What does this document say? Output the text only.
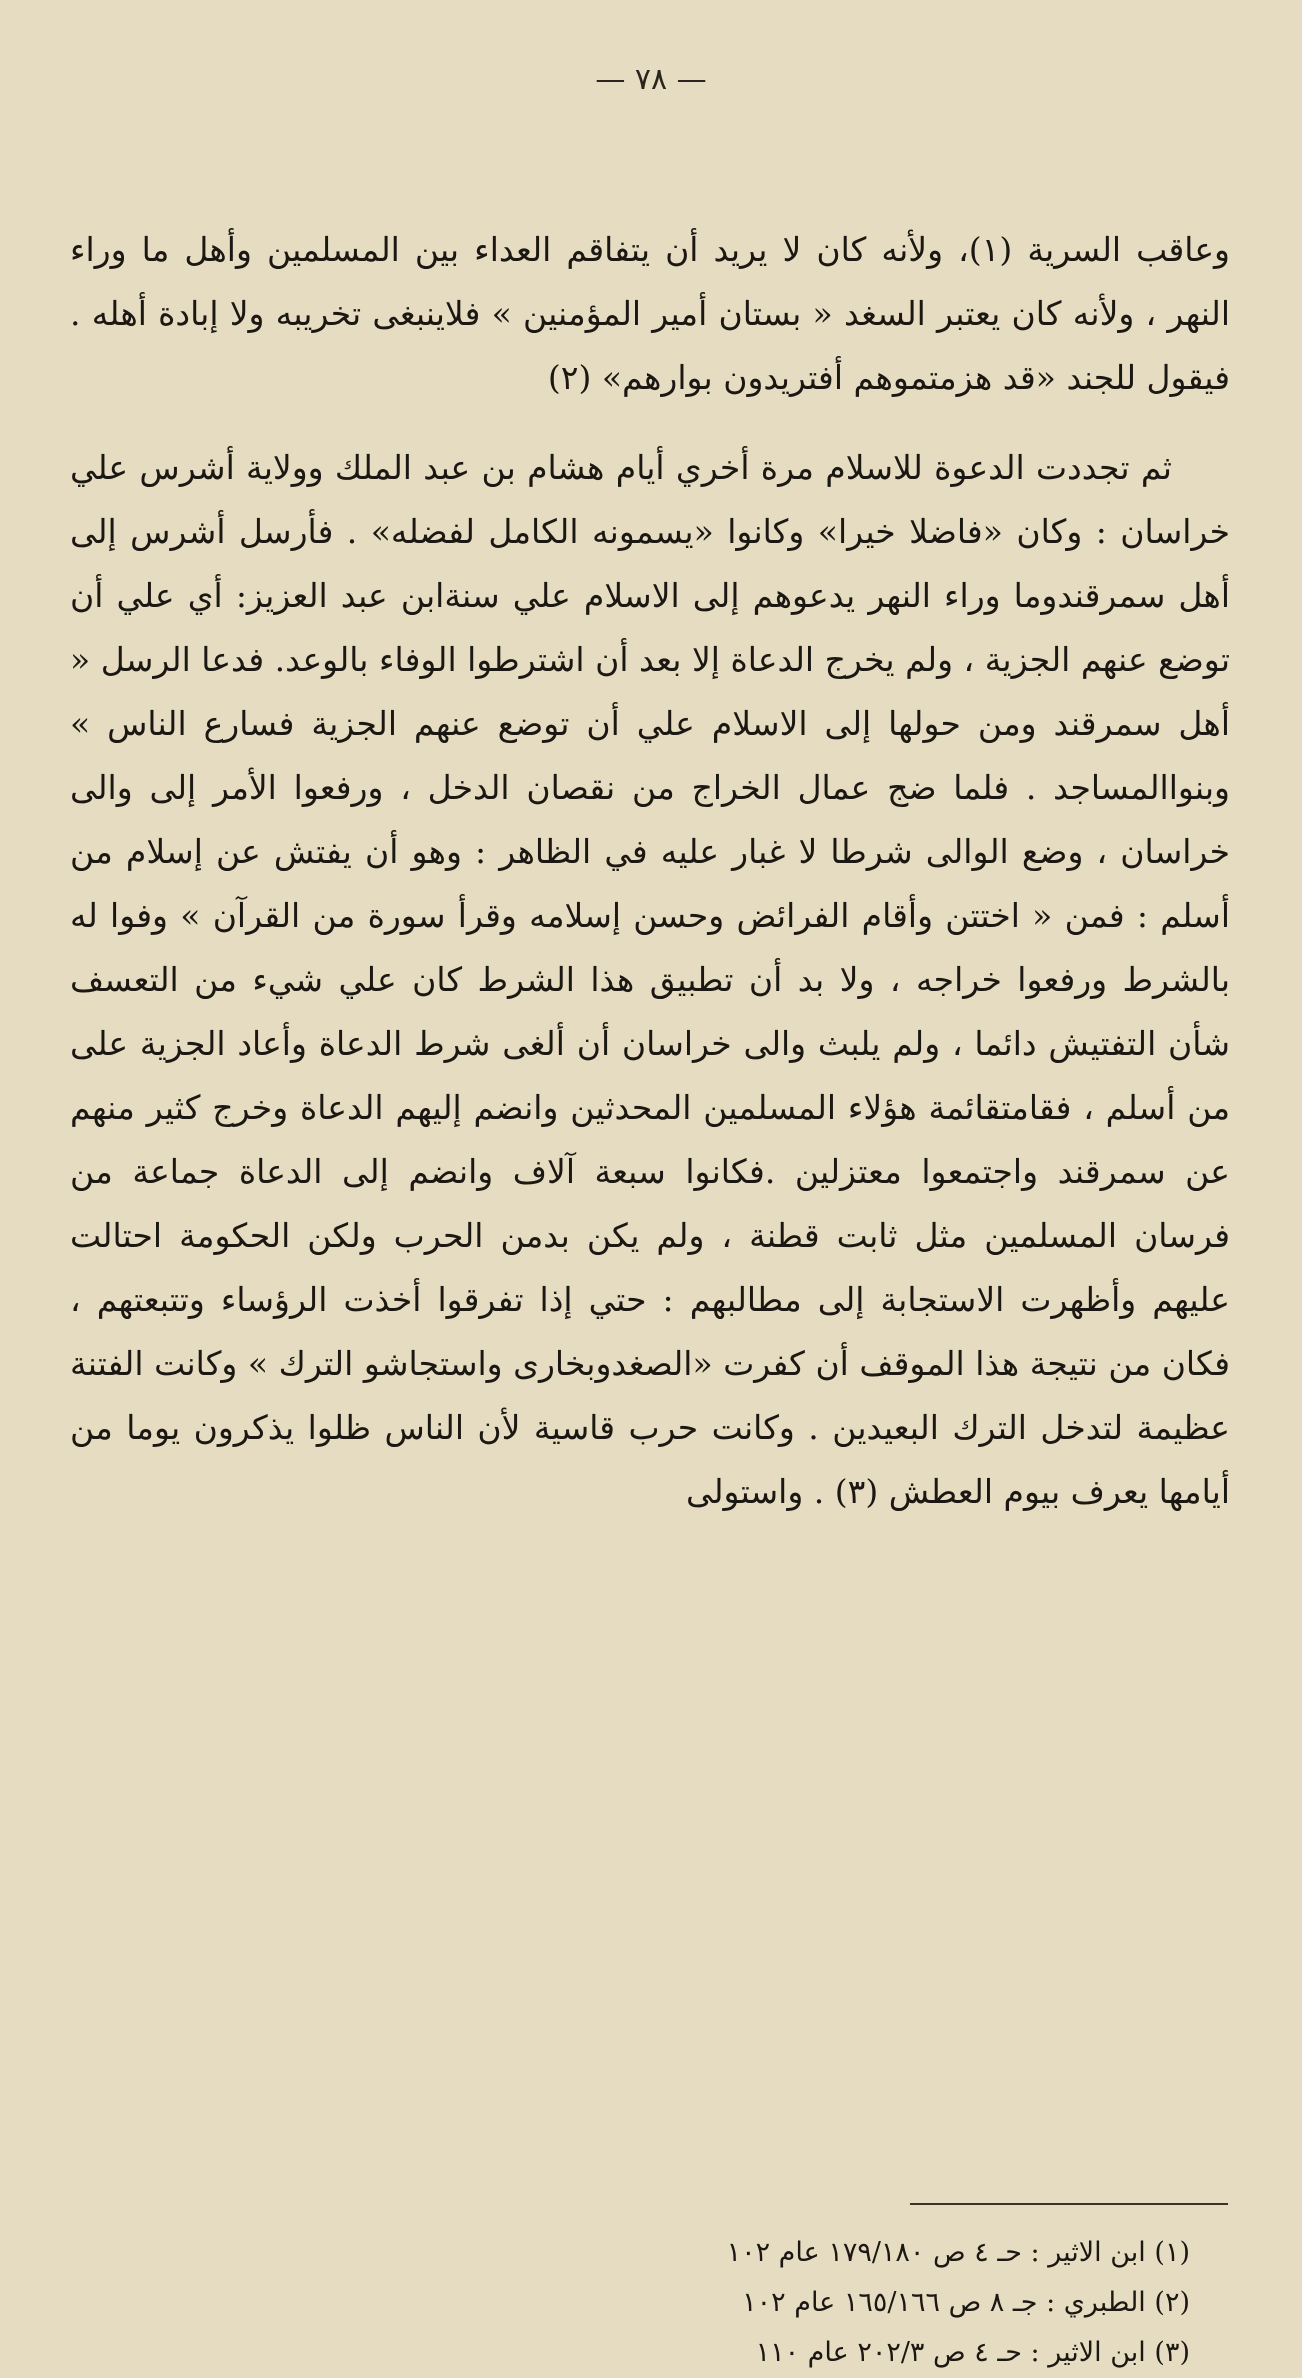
— ٧٨ —

وعاقب السرية (١)، ولأنه كان لا يريد أن يتفاقم العداء بين المسلمين وأهل ما وراء النهر ، ولأنه كان يعتبر السغد « بستان أمير المؤمنين » فلاينبغى تخريبه ولا إبادة أهله . فيقول للجند «قد هزمتموهم أفتريدون بوارهم» (٢)

ثم تجددت الدعوة للاسلام مرة أخري أيام هشام بن عبد الملك وولاية أشرس علي خراسان : وكان «فاضلا خيرا» وكانوا «يسمونه الكامل لفضله» . فأرسل أشرس إلى أهل سمرقندوما وراء النهر يدعوهم إلى الاسلام علي سنةابن عبد العزيز: أي علي أن توضع عنهم الجزية ، ولم يخرج الدعاة إلا بعد أن اشترطوا الوفاء بالوعد. فدعا الرسل « أهل سمرقند ومن حولها إلى الاسلام علي أن توضع عنهم الجزية فسارع الناس » وبنواالمساجد . فلما ضج عمال الخراج من نقصان الدخل ، ورفعوا الأمر إلى والى خراسان ، وضع الوالى شرطا لا غبار عليه في الظاهر : وهو أن يفتش عن إسلام من أسلم : فمن « اختتن وأقام الفرائض وحسن إسلامه وقرأ سورة من القرآن » وفوا له بالشرط ورفعوا خراجه ، ولا بد أن تطبيق هذا الشرط كان علي شيء من التعسف شأن التفتيش دائما ، ولم يلبث والى خراسان أن ألغى شرط الدعاة وأعاد الجزية على من أسلم ، فقامتقائمة هؤلاء المسلمين المحدثين وانضم إليهم الدعاة وخرج كثير منهم عن سمرقند واجتمعوا معتزلين .فكانوا سبعة آلاف وانضم إلى الدعاة جماعة من فرسان المسلمين مثل ثابت قطنة ، ولم يكن بدمن الحرب ولكن الحكومة احتالت عليهم وأظهرت الاستجابة إلى مطالبهم : حتي إذا تفرقوا أخذت الرؤساء وتتبعتهم ، فكان من نتيجة هذا الموقف أن كفرت «الصغدوبخارى واستجاشو الترك » وكانت الفتنة عظيمة لتدخل الترك البعيدين . وكانت حرب قاسية لأن الناس ظلوا يذكرون يوما من أيامها يعرف بيوم العطش (٣) . واستولى

(١) ابن الاثير : حـ ٤ ص ١٧٩/١٨٠ عام ١٠٢

(٢) الطبري : جـ ٨ ص ١٦٥/١٦٦ عام ١٠٢

(٣) ابن الاثير : حـ ٤ ص ٢٠٢/٣ عام ١١٠
